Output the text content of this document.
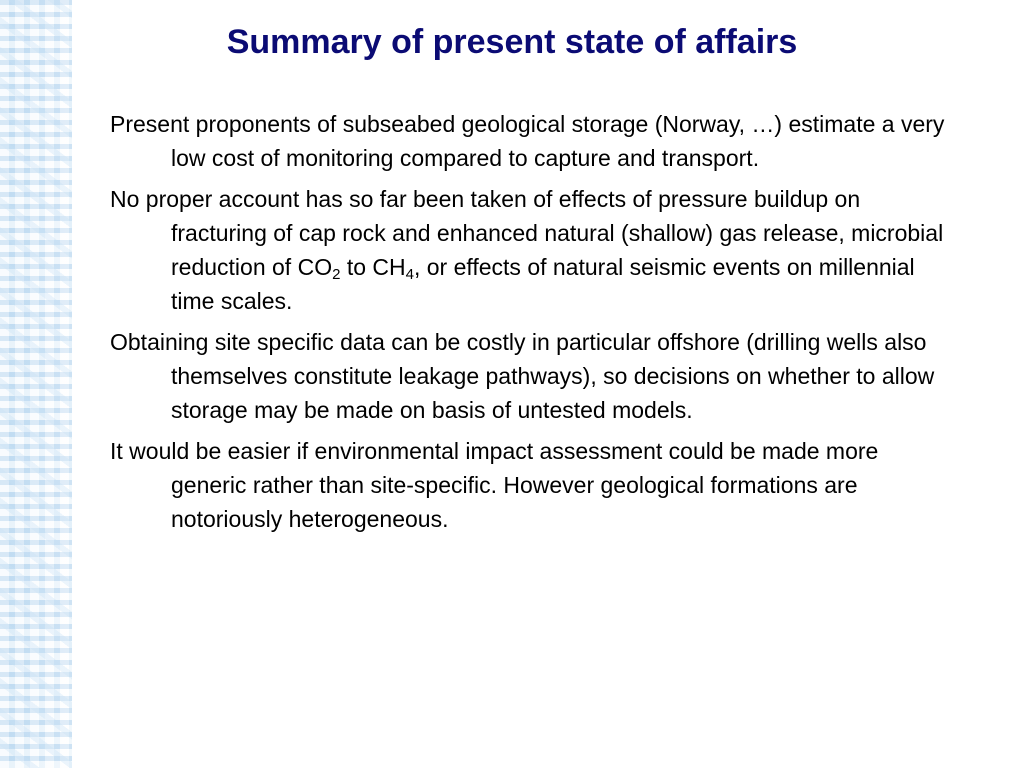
Summary of present state of affairs
Present proponents of subseabed geological storage (Norway, …) estimate a very low cost of monitoring compared to capture and transport.
No proper account has so far been taken of effects of pressure buildup on fracturing of cap rock and enhanced natural (shallow) gas release, microbial reduction of $CO_2$ to $CH_4$, or effects of natural seismic events on millennial time scales.
Obtaining site specific data can be costly in particular offshore (drilling wells also themselves constitute leakage pathways), so decisions on whether to allow storage may be made on basis of untested models.
It would be easier if environmental impact assessment could be made more generic rather than site-specific. However geological formations are notoriously heterogeneous.
